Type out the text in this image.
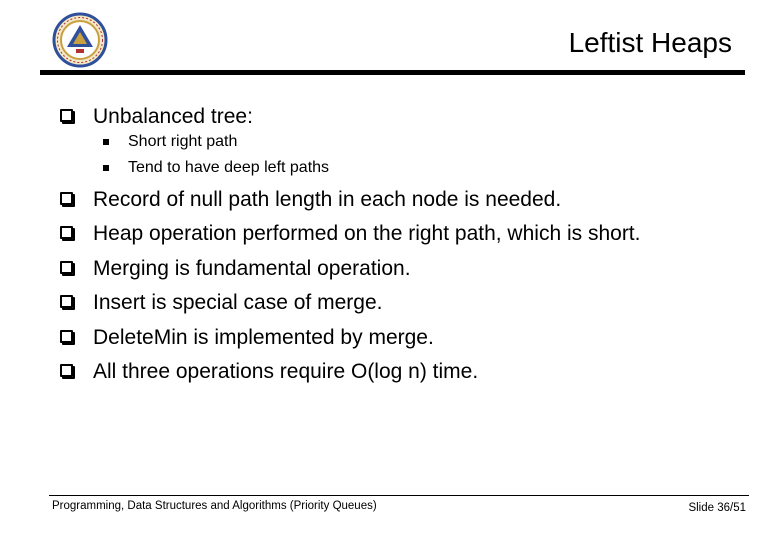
Leftist Heaps
Unbalanced tree:
Short right path
Tend to have deep left paths
Record of null path length in each node is needed.
Heap operation performed on the right path, which is short.
Merging is fundamental operation.
Insert is special case of merge.
DeleteMin is implemented by merge.
All three operations require O(log n) time.
Programming, Data Structures and Algorithms (Priority Queues)	Slide 36/51
